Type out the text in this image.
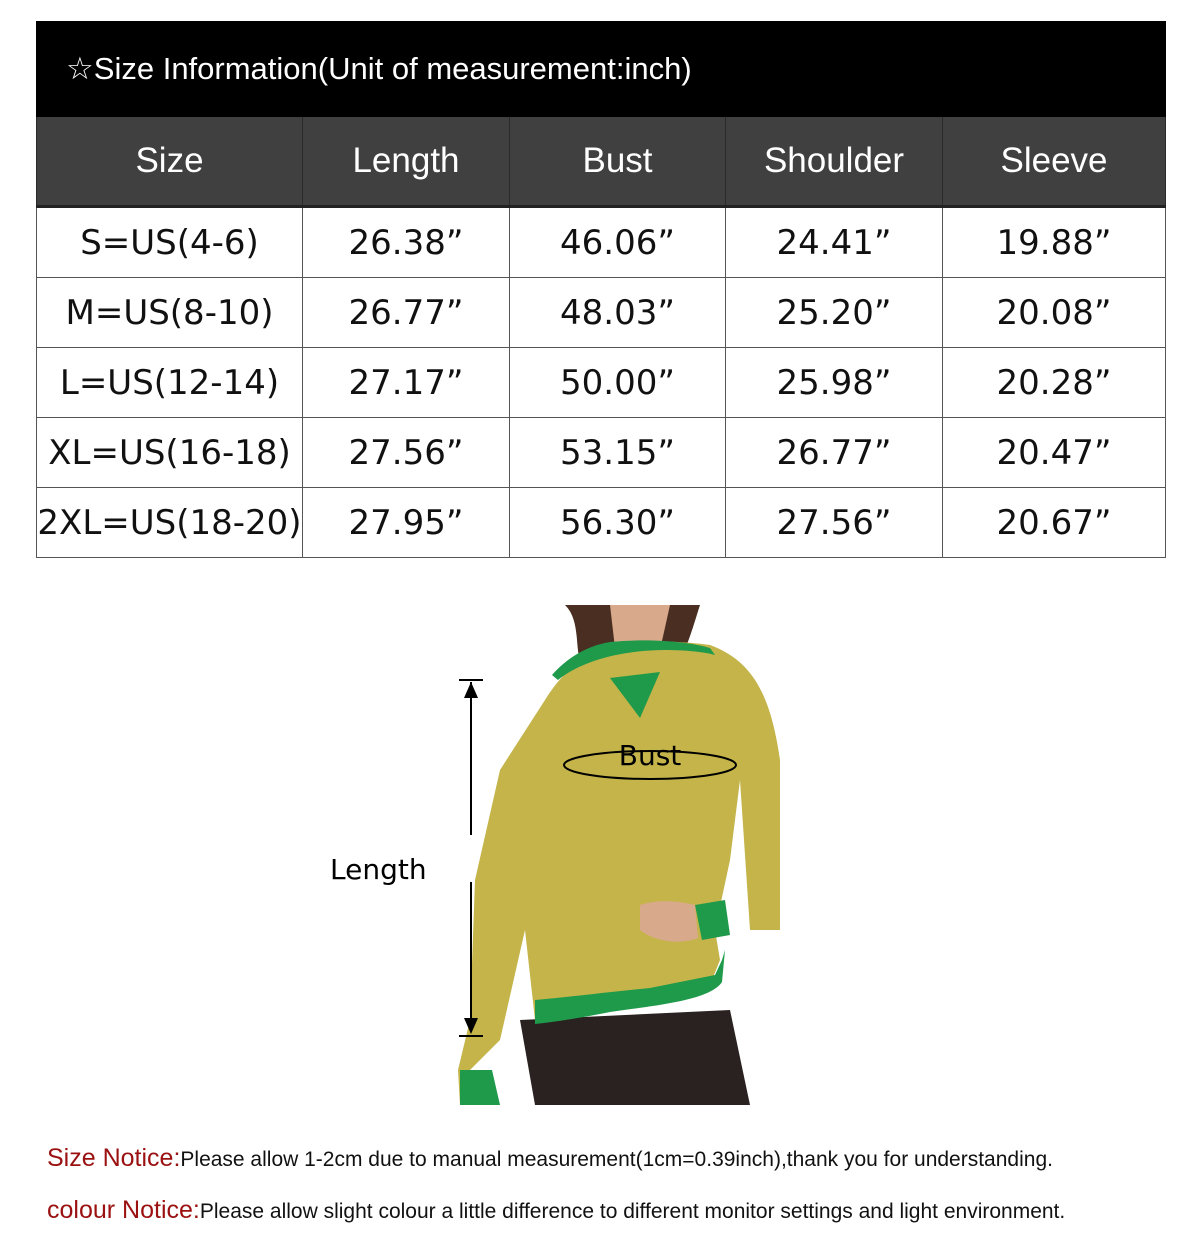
☆Size Information(Unit of measurement:inch)
Size	Length	Bust	Shoulder	Sleeve
S=US(4-6)	26.38”	46.06”	24.41”	19.88”
M=US(8-10)	26.77”	48.03”	25.20”	20.08”
L=US(12-14)	27.17”	50.00”	25.98”	20.28”
XL=US(16-18)	27.56”	53.15”	26.77”	20.47”
2XL=US(18-20)	27.95”	56.30”	27.56”	20.67”
Bust
Length
Size Notice:Please allow 1-2cm due to manual measurement(1cm=0.39inch),thank you for understanding.
colour Notice:Please allow slight colour a little difference to different monitor settings and light environment.
